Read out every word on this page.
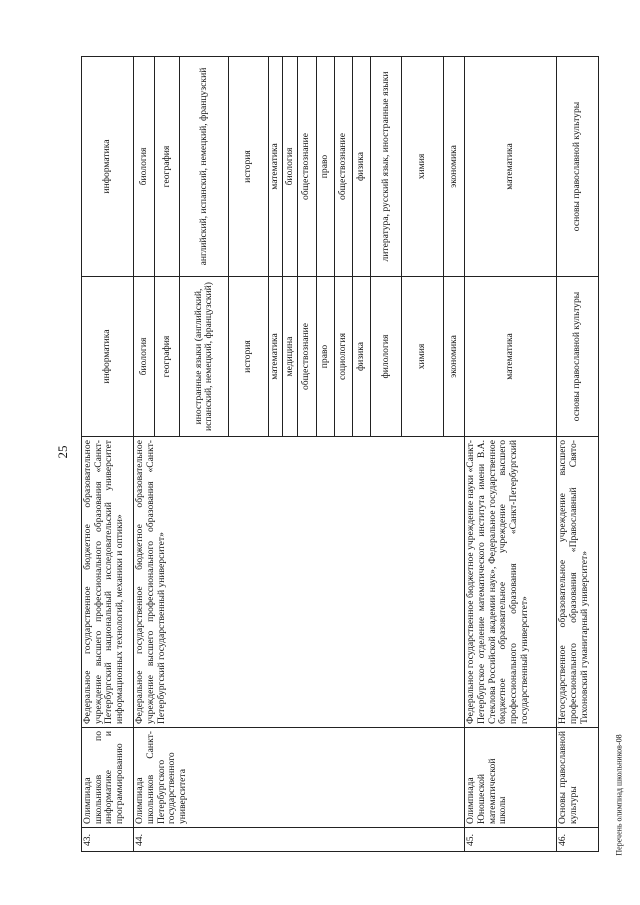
25
43.	Олимпиада школьников по информатике и программированию	Федеральное государственное бюджетное образовательное учреждение высшего профессионального образования «Санкт-Петербургский национальный исследовательский университет информационных технологий, механики и оптики»	информатика	информатика
44.	Олимпиада школьников Санкт-Петербургского государственного университета	Федеральное государственное бюджетное образовательное учреждение высшего профессионального образования «Санкт-Петербургский государственный университет»	биология	биология
			география	география
			иностранные языки (английский, испанский, немецкий, французский)	английский, испанский, немецкий, французский
			история	история
			математика	математика
			медицина	биология
			обществознание	обществознание
			право	право
			социология	обществознание
			физика	физика
			филология	литература, русский язык, иностранные языки
			химия	химия
			экономика	экономика
45.	Олимпиада Юношеской математической школы	Федеральное государственное бюджетное учреждение науки «Санкт-Петербургское отделение математического института имени В.А. Стеклова Российской академии наук», Федеральное государственное бюджетное образовательное учреждение высшего профессионального образования «Санкт-Петербургский государственный университет»	математика	математика
46.	Основы православной культуры	Негосударственное образовательное учреждение высшего профессионального образования «Православный Свято-Тихоновский гуманитарный университет»	основы православной культуры	основы православной культуры
Перечень олимпиад школьников-08
